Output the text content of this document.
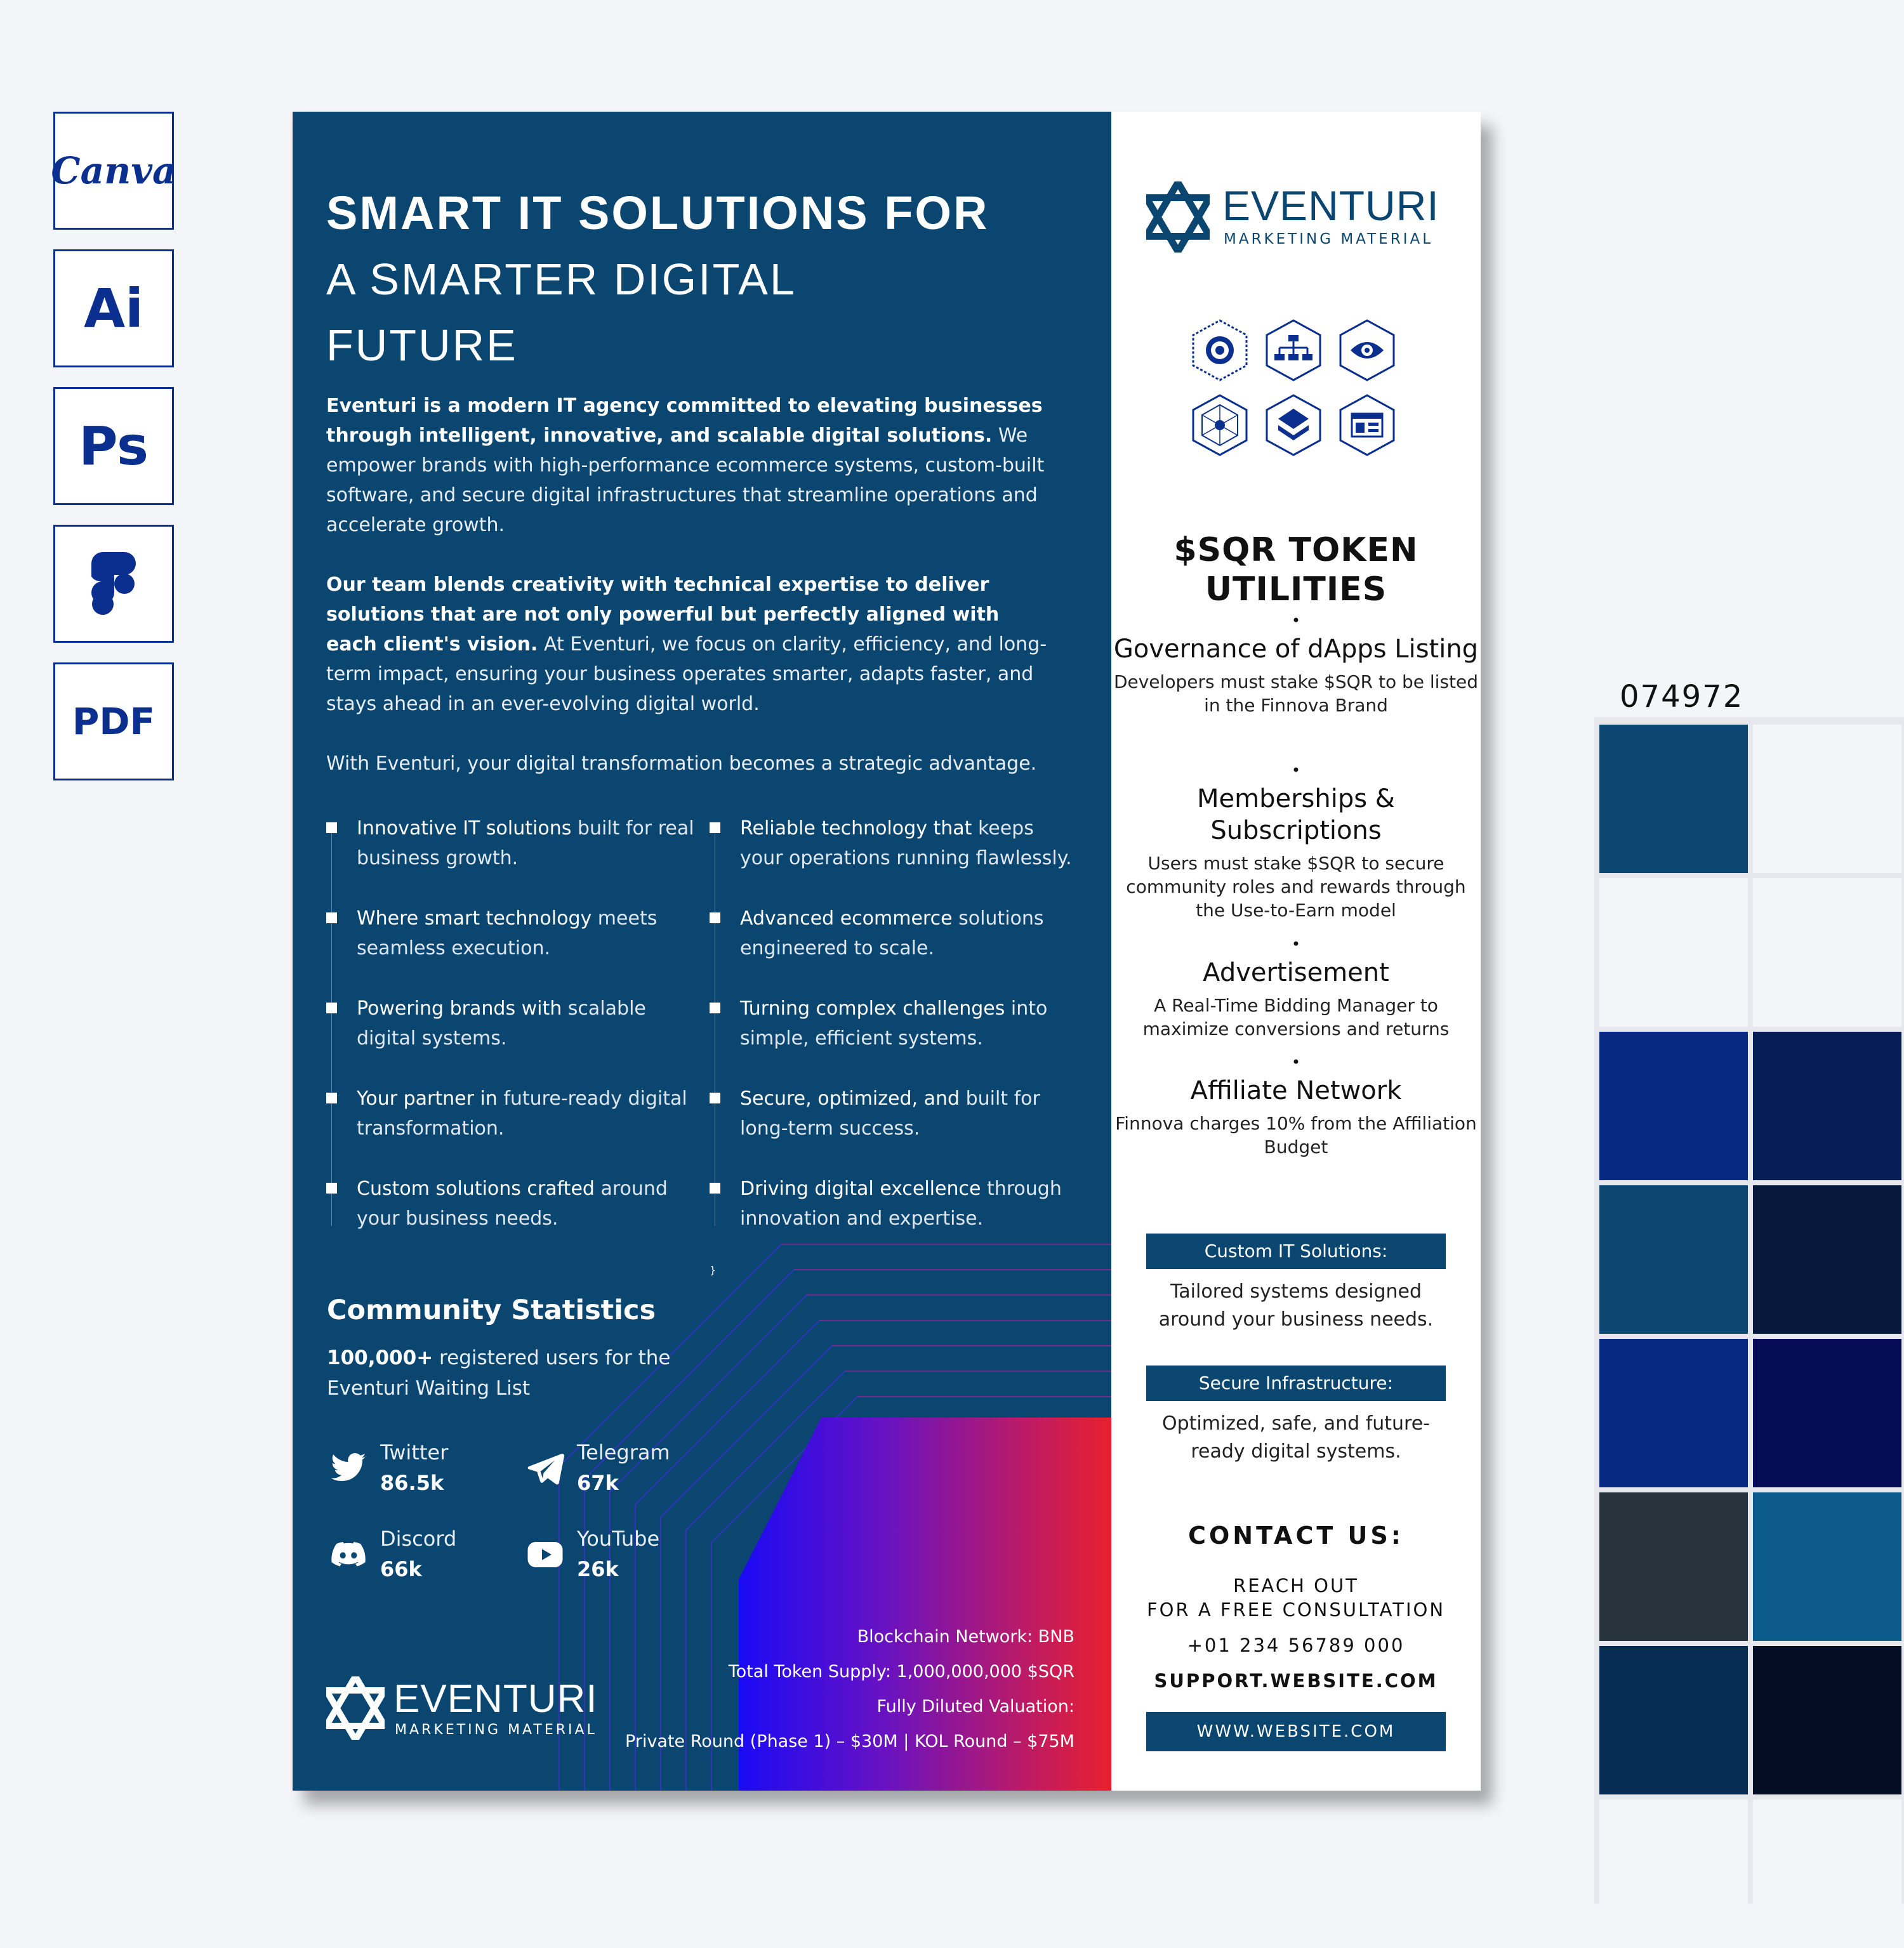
Canva
Ai
Ps
PDF
SMART IT SOLUTIONS FOR
A SMARTER DIGITAL
FUTURE

Eventuri is a modern IT agency committed to elevating businesses through intelligent, innovative, and scalable digital solutions. We empower brands with high-performance ecommerce systems, custom-built software, and secure digital infrastructures that streamline operations and accelerate growth.

Our team blends creativity with technical expertise to deliver solutions that are not only powerful but perfectly aligned with each client's vision. At Eventuri, we focus on clarity, efficiency, and long-term impact, ensuring your business operates smarter, adapts faster, and stays ahead in an ever-evolving digital world.

With Eventuri, your digital transformation becomes a strategic advantage.

Innovative IT solutions built for real business growth.
Where smart technology meets seamless execution.
Powering brands with scalable digital systems.
Your partner in future-ready digital transformation.
Custom solutions crafted around your business needs.
Reliable technology that keeps your operations running flawlessly.
Advanced ecommerce solutions engineered to scale.
Turning complex challenges into simple, efficient systems.
Secure, optimized, and built for long-term success.
Driving digital excellence through innovation and expertise.
}
Community Statistics
100,000+ registered users for the Eventuri Waiting List
Twitter
86.5k
Telegram
67k
Discord
66k
YouTube
26k
Blockchain Network: BNB
Total Token Supply: 1,000,000,000 $SQR
Fully Diluted Valuation:
Private Round (Phase 1) – $30M | KOL Round – $75M
EVENTURI
MARKETING MATERIAL
EVENTURI
MARKETING MATERIAL
$SQR TOKEN UTILITIES
•
Governance of dApps Listing
Developers must stake $SQR to be listed in the Finnova Brand
•
Memberships & Subscriptions
Users must stake $SQR to secure community roles and rewards through the Use-to-Earn model
•
Advertisement
A Real-Time Bidding Manager to maximize conversions and returns
•
Affiliate Network
Finnova charges 10% from the Affiliation Budget
Custom IT Solutions:
Tailored systems designed around your business needs.
Secure Infrastructure:
Optimized, safe, and future-ready digital systems.
CONTACT US:
REACH OUT
FOR A FREE CONSULTATION
+01 234 56789 000
SUPPORT.WEBSITE.COM
WWW.WEBSITE.COM
074972
